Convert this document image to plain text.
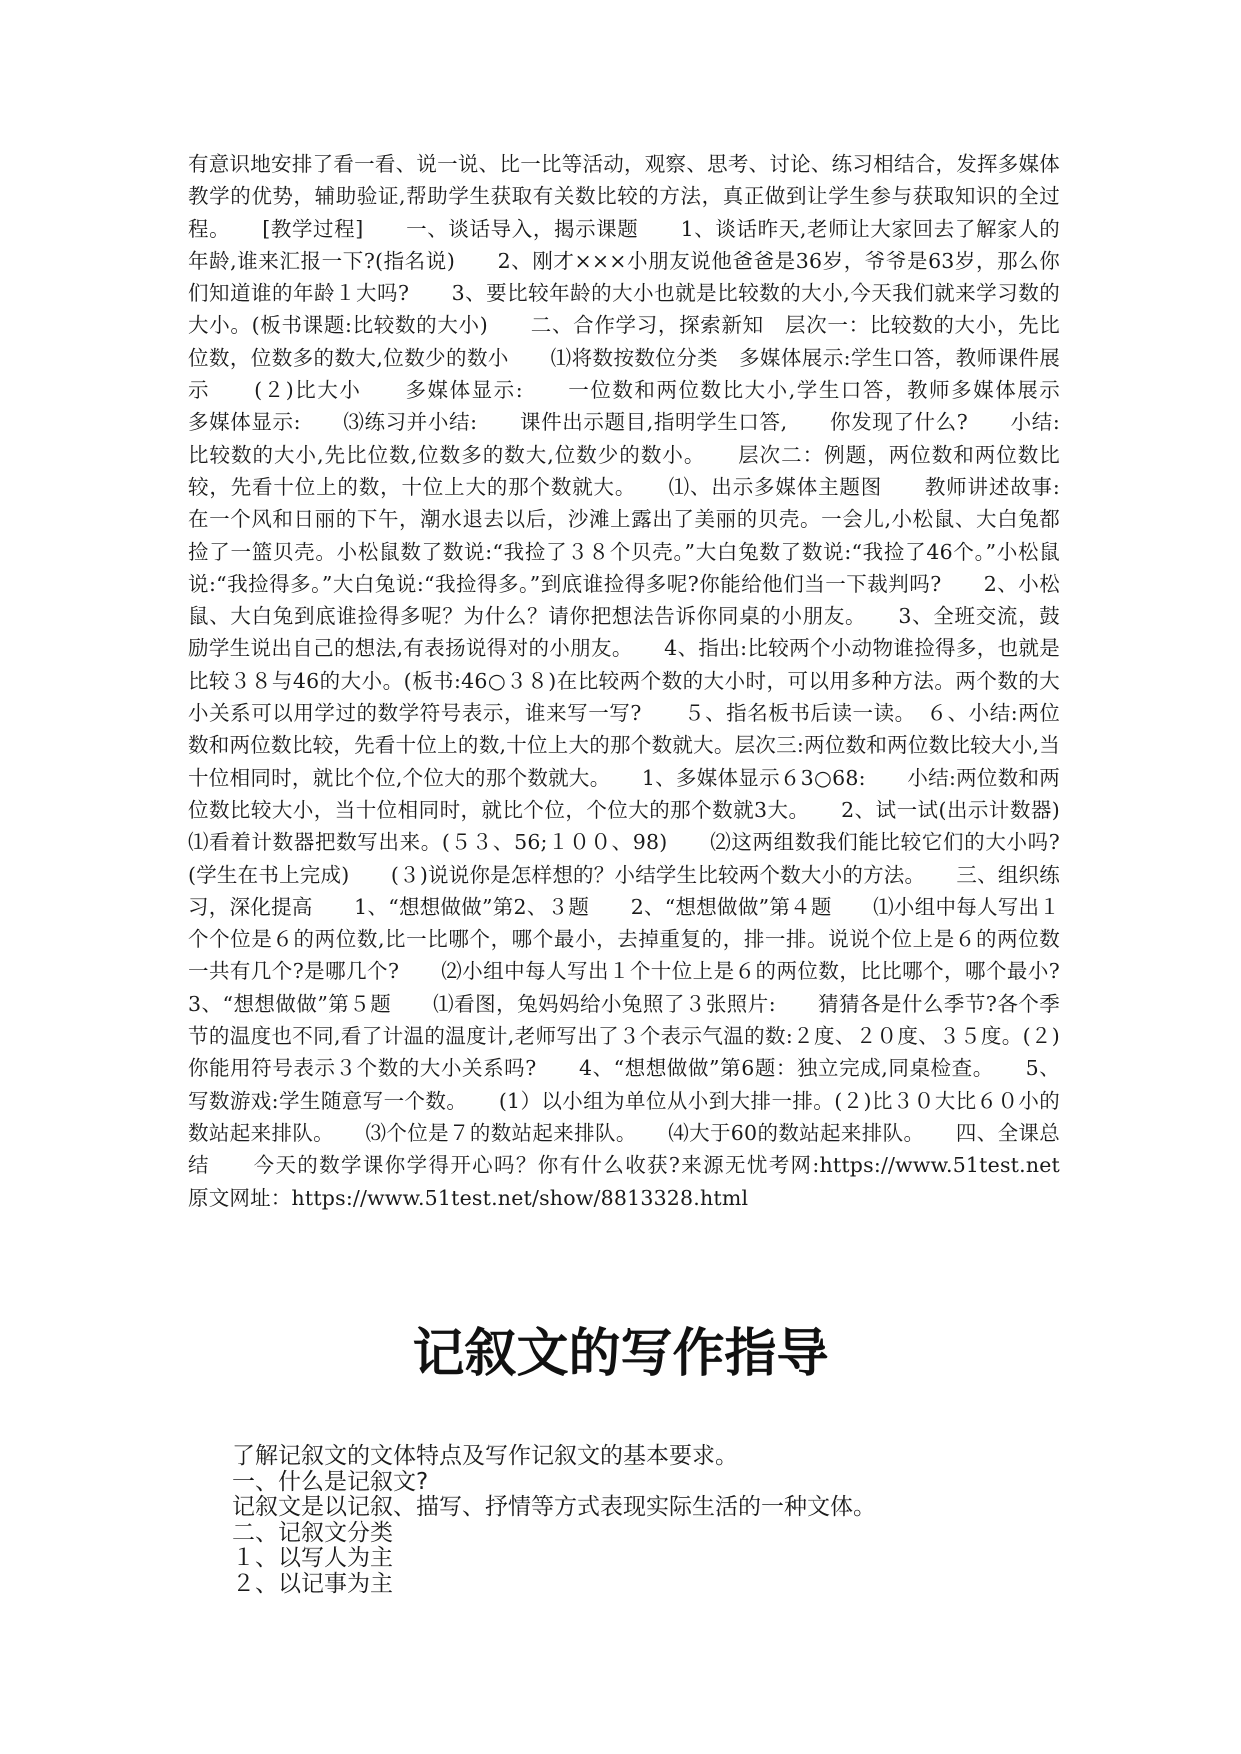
有意识地安排了看一看、说一说、比一比等活动，观察、思考、讨论、练习相结合，发挥多媒体教学的优势，辅助验证,帮助学生获取有关数比较的方法，真正做到让学生参与获取知识的全过程。　　[教学过程]　　一、谈话导入，揭示课题　　1、谈话昨天,老师让大家回去了解家人的年龄,谁来汇报一下?(指名说)　　2、刚才×××小朋友说他爸爸是36岁，爷爷是63岁，那么你们知道谁的年龄１大吗?　　3、要比较年龄的大小也就是比较数的大小,今天我们就来学习数的大小。(板书课题:比较数的大小)　　二、合作学习，探索新知　层次一：比较数的大小，先比位数，位数多的数大,位数少的数小　　⑴将数按数位分类　多媒体展示:学生口答，教师课件展示　　(２)比大小　　多媒体显示:　　一位数和两位数比大小,学生口答，教师多媒体展示　　多媒体显示:　　⑶练习并小结:　　课件出示题目,指明学生口答,　　你发现了什么?　　小结:比较数的大小,先比位数,位数多的数大,位数少的数小。　　层次二：例题，两位数和两位数比较，先看十位上的数，十位上大的那个数就大。　　⑴、出示多媒体主题图　　教师讲述故事:　　在一个风和日丽的下午，潮水退去以后，沙滩上露出了美丽的贝壳。一会儿,小松鼠、大白兔都捡了一篮贝壳。小松鼠数了数说:“我捡了３８个贝壳。”大白兔数了数说:“我捡了46个。”小松鼠说:“我捡得多。”大白兔说:“我捡得多。”到底谁捡得多呢?你能给他们当一下裁判吗?　　2、小松鼠、大白兔到底谁捡得多呢？为什么？请你把想法告诉你同桌的小朋友。　　3、全班交流，鼓励学生说出自己的想法,有表扬说得对的小朋友。　　4、指出:比较两个小动物谁捡得多，也就是比较３８与46的大小。(板书:46○３８)在比较两个数的大小时，可以用多种方法。两个数的大小关系可以用学过的数学符号表示，谁来写一写?　　５、指名板书后读一读。　６、小结:两位数和两位数比较，先看十位上的数,十位上大的那个数就大。层次三:两位数和两位数比较大小,当十位相同时，就比个位,个位大的那个数就大。　　1、多媒体显示６3○68:　　小结:两位数和两位数比较大小，当十位相同时，就比个位，个位大的那个数就3大。　　2、试一试(出示计数器)　　⑴看着计数器把数写出来。(５３、56;１００、98)　　⑵这两组数我们能比较它们的大小吗?(学生在书上完成)　　(３)说说你是怎样想的？小结学生比较两个数大小的方法。　　三、组织练习，深化提高　　1、“想想做做”第2、３题　　2、“想想做做”第４题　　⑴小组中每人写出１个个位是６的两位数,比一比哪个，哪个最小，去掉重复的，排一排。说说个位上是６的两位数一共有几个?是哪几个?　　⑵小组中每人写出１个十位上是６的两位数，比比哪个，哪个最小?　　3、“想想做做”第５题　　⑴看图，兔妈妈给小兔照了３张照片:　　猜猜各是什么季节?各个季节的温度也不同,看了计温的温度计,老师写出了３个表示气温的数:２度、２０度、３５度。(２)你能用符号表示３个数的大小关系吗?　　4、“想想做做”第6题：独立完成,同桌检查。　　5、写数游戏:学生随意写一个数。　　(1）以小组为单位从小到大排一排。(２)比３０大比６０小的数站起来排队。　　⑶个位是７的数站起来排队。　　⑷大于60的数站起来排队。　　四、全课总结　　今天的数学课你学得开心吗？你有什么收获?来源无忧考网:https://www.51test.net　原文网址：https://www.51test.net/show/8813328.html

记叙文的写作指导
了解记叙文的文体特点及写作记叙文的基本要求。
一、什么是记叙文?
记叙文是以记叙、描写、抒情等方式表现实际生活的一种文体。
二、记叙文分类
１、以写人为主
２、以记事为主
